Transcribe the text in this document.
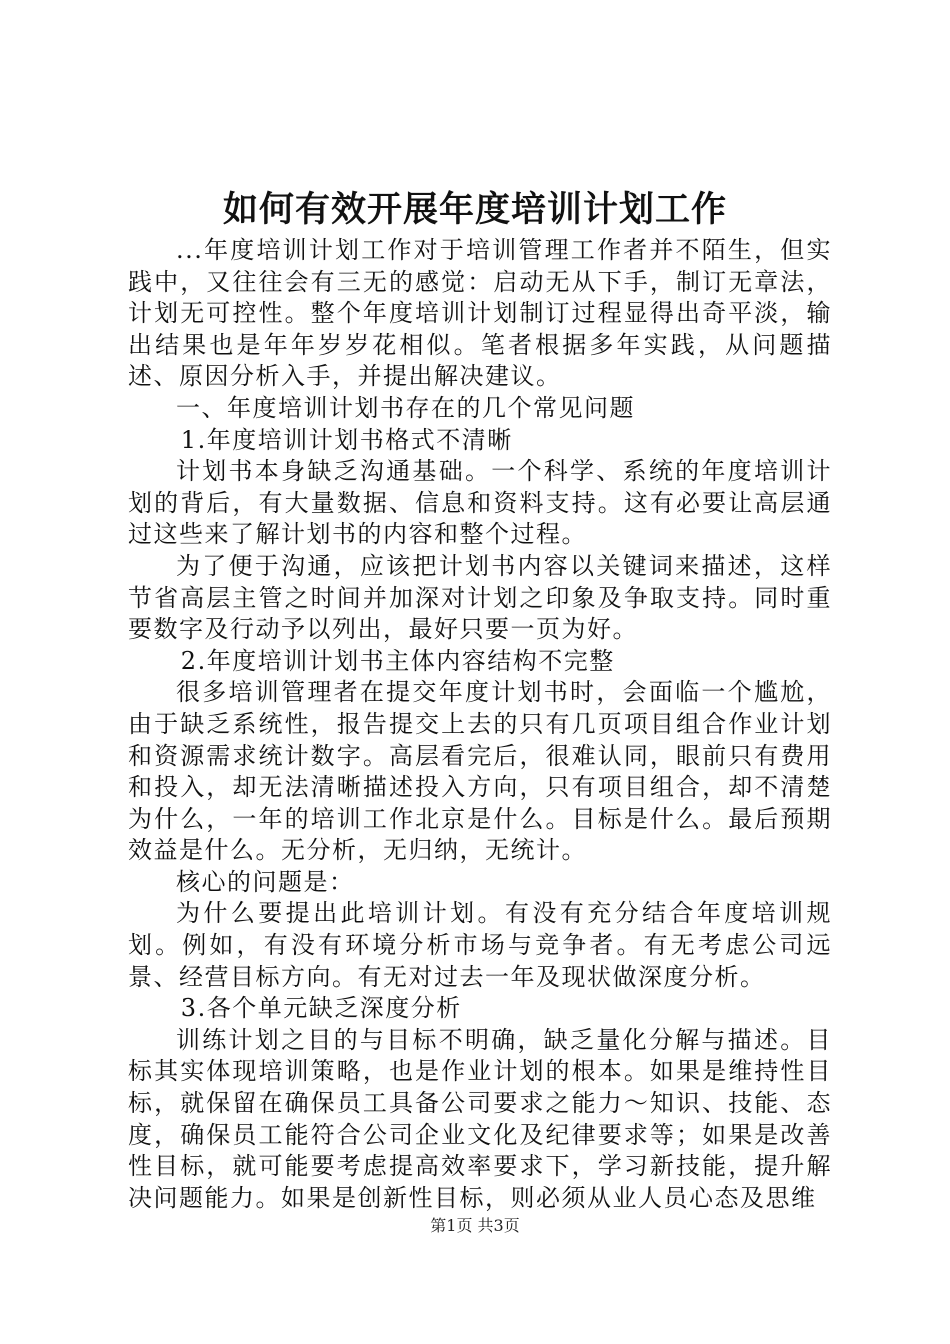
如何有效开展年度培训计划工作

...年度培训计划工作对于培训管理工作者并不陌生，但实践中，又往往会有三无的感觉：启动无从下手，制订无章法，计划无可控性。整个年度培训计划制订过程显得出奇平淡，输出结果也是年年岁岁花相似。笔者根据多年实践，从问题描述、原因分析入手，并提出解决建议。

一、年度培训计划书存在的几个常见问题

1.年度培训计划书格式不清晰

计划书本身缺乏沟通基础。一个科学、系统的年度培训计划的背后，有大量数据、信息和资料支持。这有必要让高层通过这些来了解计划书的内容和整个过程。

为了便于沟通，应该把计划书内容以关键词来描述，这样节省高层主管之时间并加深对计划之印象及争取支持。同时重要数字及行动予以列出，最好只要一页为好。

2.年度培训计划书主体内容结构不完整

很多培训管理者在提交年度计划书时，会面临一个尴尬，由于缺乏系统性，报告提交上去的只有几页项目组合作业计划和资源需求统计数字。高层看完后，很难认同，眼前只有费用和投入，却无法清晰描述投入方向，只有项目组合，却不清楚为什么，一年的培训工作北京是什么。目标是什么。最后预期效益是什么。无分析，无归纳，无统计。

核心的问题是：

为什么要提出此培训计划。有没有充分结合年度培训规划。例如，有没有环境分析市场与竞争者。有无考虑公司远景、经营目标方向。有无对过去一年及现状做深度分析。

3.各个单元缺乏深度分析

训练计划之目的与目标不明确，缺乏量化分解与描述。目标其实体现培训策略，也是作业计划的根本。如果是维持性目标，就保留在确保员工具备公司要求之能力～知识、技能、态度，确保员工能符合公司企业文化及纪律要求等；如果是改善性目标，就可能要考虑提高效率要求下，学习新技能，提升解决问题能力。如果是创新性目标，则必须从业人员心态及思维

第1页 共3页
